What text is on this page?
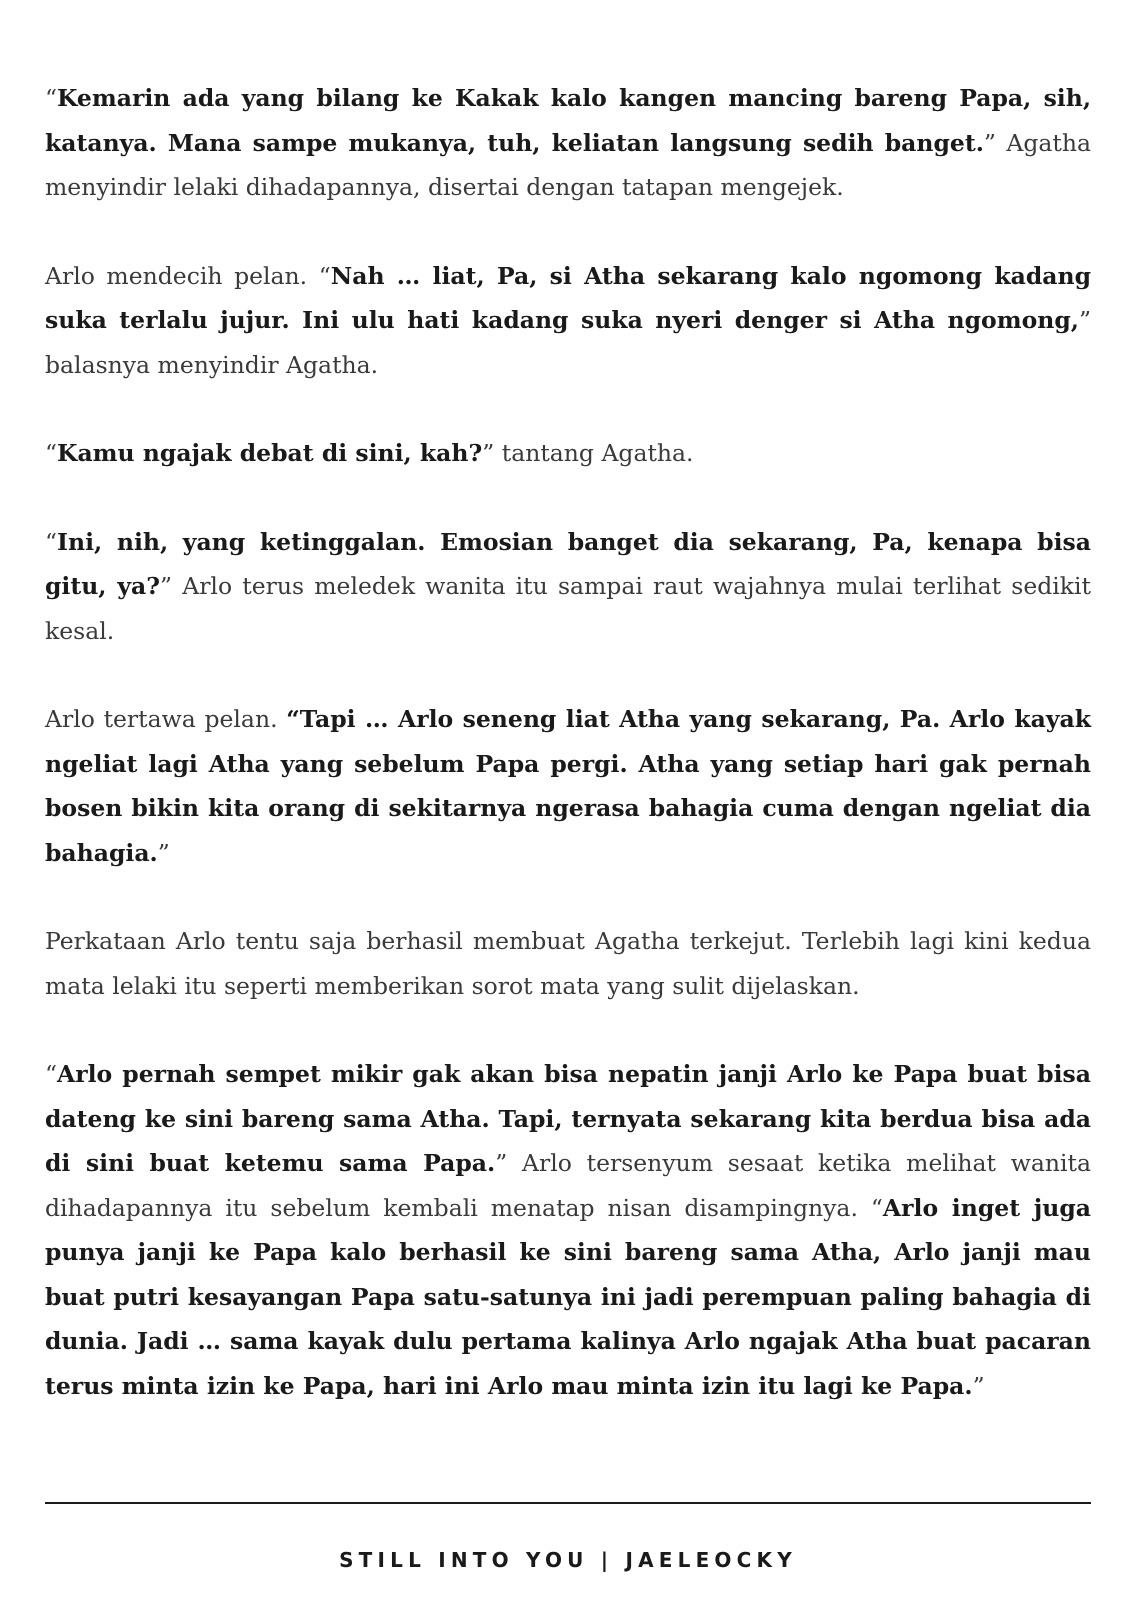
“Kemarin ada yang bilang ke Kakak kalo kangen mancing bareng Papa, sih, katanya. Mana sampe mukanya, tuh, keliatan langsung sedih banget.” Agatha menyindir lelaki dihadapannya, disertai dengan tatapan mengejek.

Arlo mendecih pelan. “Nah … liat, Pa, si Atha sekarang kalo ngomong kadang suka terlalu jujur. Ini ulu hati kadang suka nyeri denger si Atha ngomong,” balasnya menyindir Agatha.

“Kamu ngajak debat di sini, kah?” tantang Agatha.

“Ini, nih, yang ketinggalan. Emosian banget dia sekarang, Pa, kenapa bisa gitu, ya?” Arlo terus meledek wanita itu sampai raut wajahnya mulai terlihat sedikit kesal.

Arlo tertawa pelan. “Tapi … Arlo seneng liat Atha yang sekarang, Pa. Arlo kayak ngeliat lagi Atha yang sebelum Papa pergi. Atha yang setiap hari gak pernah bosen bikin kita orang di sekitarnya ngerasa bahagia cuma dengan ngeliat dia bahagia.”

Perkataan Arlo tentu saja berhasil membuat Agatha terkejut. Terlebih lagi kini kedua mata lelaki itu seperti memberikan sorot mata yang sulit dijelaskan.

“Arlo pernah sempet mikir gak akan bisa nepatin janji Arlo ke Papa buat bisa dateng ke sini bareng sama Atha. Tapi, ternyata sekarang kita berdua bisa ada di sini buat ketemu sama Papa.” Arlo tersenyum sesaat ketika melihat wanita dihadapannya itu sebelum kembali menatap nisan disampingnya. “Arlo inget juga punya janji ke Papa kalo berhasil ke sini bareng sama Atha, Arlo janji mau buat putri kesayangan Papa satu-satunya ini jadi perempuan paling bahagia di dunia. Jadi … sama kayak dulu pertama kalinya Arlo ngajak Atha buat pacaran terus minta izin ke Papa, hari ini Arlo mau minta izin itu lagi ke Papa.”

STILL INTO YOU | JAELEOCKY
